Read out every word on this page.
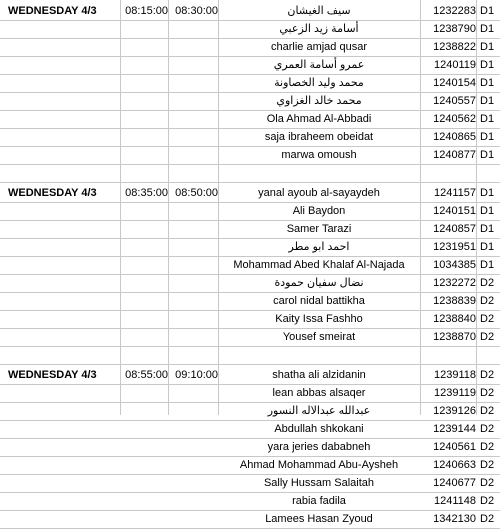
WEDNESDAY 4/3	08:15:00 08:30:00	سيف الغيشان	1232283 D1
أسامة زيد الزعبي	1238790 D1
charlie amjad qusar	1238822 D1
عمرو أسامة العمري	1240119 D1
محمد وليد الخصاونة	1240154 D1
محمد خالد الغزاوي	1240557 D1
Ola Ahmad Al-Abbadi	1240562 D1
saja ibraheem obeidat	1240865 D1
marwa omoush	1240877 D1
WEDNESDAY 4/3	08:35:00 08:50:00	yanal ayoub al-sayaydeh	1241157 D1
Ali Baydon	1240151 D1
Samer Tarazi	1240857 D1
احمد ابو مطر	1231951 D1
Mohammad Abed Khalaf Al-Najada	1034385 D1
نضال سفيان حمودة	1232272 D2
carol nidal battikha	1238839 D2
Kaity Issa Fashho	1238840 D2
Yousef smeirat	1238870 D2
WEDNESDAY 4/3	08:55:00 09:10:00	shatha ali alzidanin	1239118 D2
lean abbas alsaqer	1239119 D2
عبدالله عبدالاله النسور	1239126 D2
Abdullah shkokani	1239144 D2
yara jeries dababneh	1240561 D2
Ahmad Mohammad Abu-Aysheh	1240663 D2
Sally Hussam Salaitah	1240677 D2
rabia fadila	1241148 D2
Lamees Hasan Zyoud	1342130 D2
